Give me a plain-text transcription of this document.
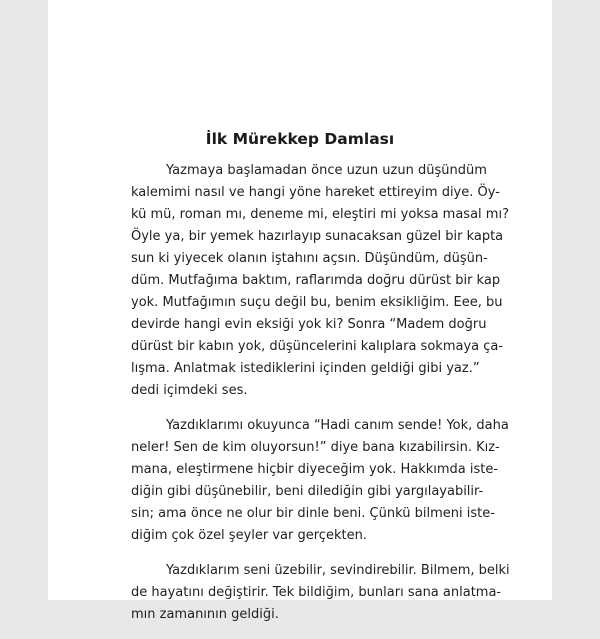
İlk Mürekkep Damlası

Yazmaya başlamadan önce uzun uzun düşündüm
kalemimi nasıl ve hangi yöne hareket ettireyim diye. Öy-
kü mü, roman mı, deneme mi, eleştiri mi yoksa masal mı?
Öyle ya, bir yemek hazırlayıp sunacaksan güzel bir kapta
sun ki yiyecek olanın iştahını açsın. Düşündüm, düşün-
düm. Mutfağıma baktım, raflarımda doğru dürüst bir kap
yok. Mutfağımın suçu değil bu, benim eksikliğim. Eee, bu
devirde hangi evin eksiği yok ki? Sonra “Madem doğru
dürüst bir kabın yok, düşüncelerini kalıplara sokmaya ça-
lışma. Anlatmak istediklerini içinden geldiği gibi yaz.”
dedi içimdeki ses.

Yazdıklarımı okuyunca “Hadi canım sende! Yok, daha
neler! Sen de kim oluyorsun!” diye bana kızabilirsin. Kız-
mana, eleştirmene hiçbir diyeceğim yok. Hakkımda iste-
diğin gibi düşünebilir, beni dilediğin gibi yargılayabilir-
sin; ama önce ne olur bir dinle beni. Çünkü bilmeni iste-
diğim çok özel şeyler var gerçekten.

Yazdıklarım seni üzebilir, sevindirebilir. Bilmem, belki
de hayatını değiştirir. Tek bildiğim, bunları sana anlatma-
mın zamanının geldiği.
